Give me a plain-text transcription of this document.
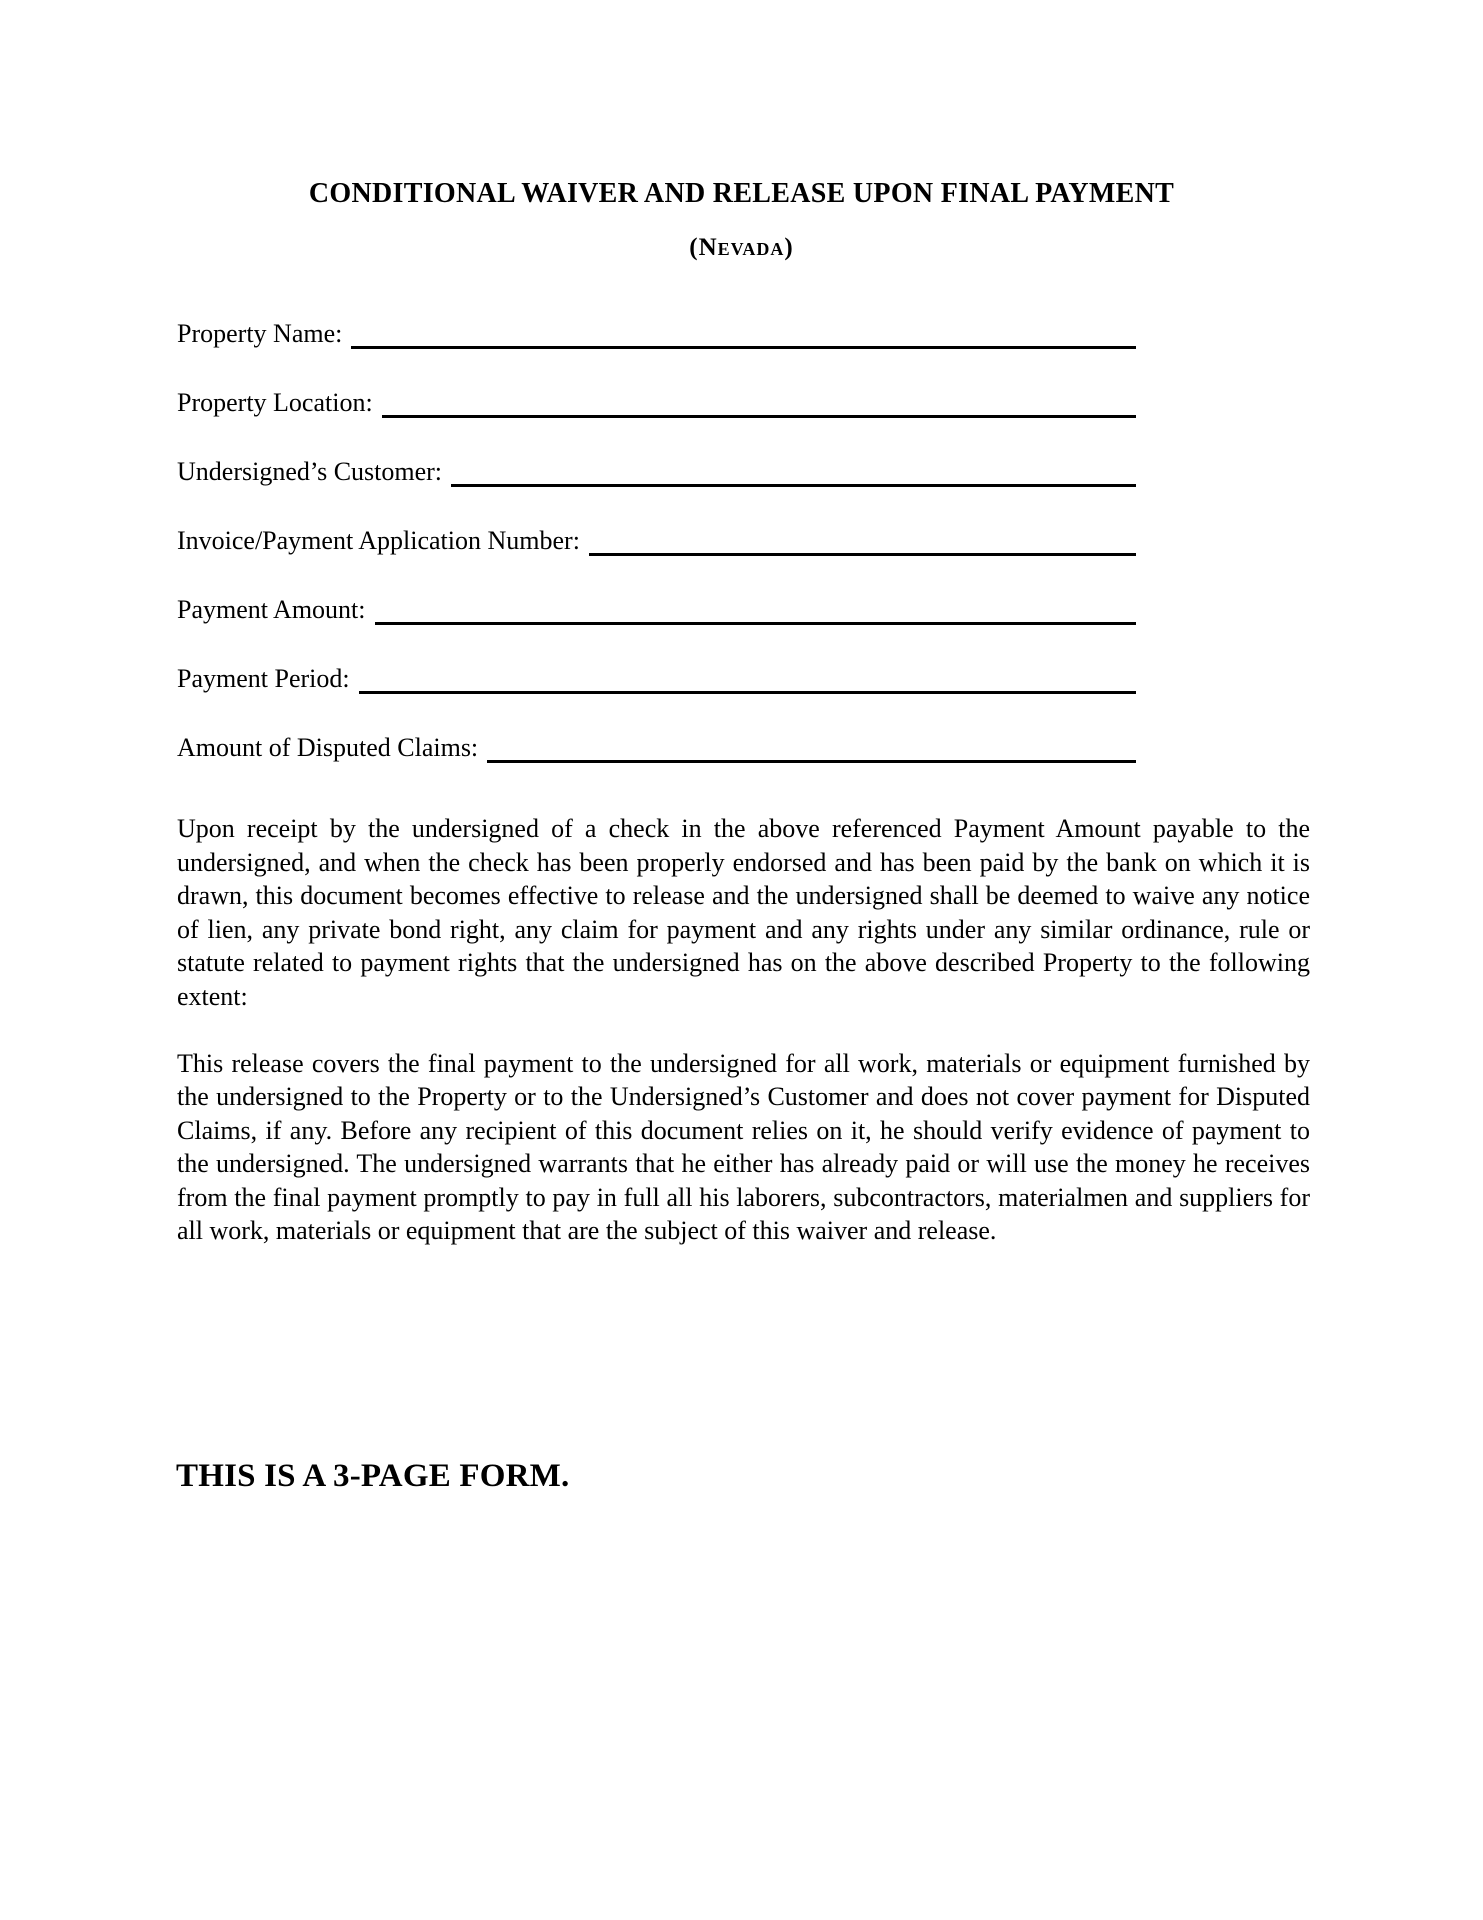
CONDITIONAL WAIVER AND RELEASE UPON FINAL PAYMENT
(Nevada)
Property Name:
Property Location:
Undersigned’s Customer:
Invoice/Payment Application Number:
Payment Amount:
Payment Period:
Amount of Disputed Claims:

Upon receipt by the undersigned of a check in the above referenced Payment Amount payable to the undersigned, and when the check has been properly endorsed and has been paid by the bank on which it is drawn, this document becomes effective to release and the undersigned shall be deemed to waive any notice of lien, any private bond right, any claim for payment and any rights under any similar ordinance, rule or statute related to payment rights that the undersigned has on the above described Property to the following extent:

This release covers the final payment to the undersigned for all work, materials or equipment furnished by the undersigned to the Property or to the Undersigned’s Customer and does not cover payment for Disputed Claims, if any. Before any recipient of this document relies on it, he should verify evidence of payment to the undersigned. The undersigned warrants that he either has already paid or will use the money he receives from the final payment promptly to pay in full all his laborers, subcontractors, materialmen and suppliers for all work, materials or equipment that are the subject of this waiver and release.

THIS IS A 3-PAGE FORM.
